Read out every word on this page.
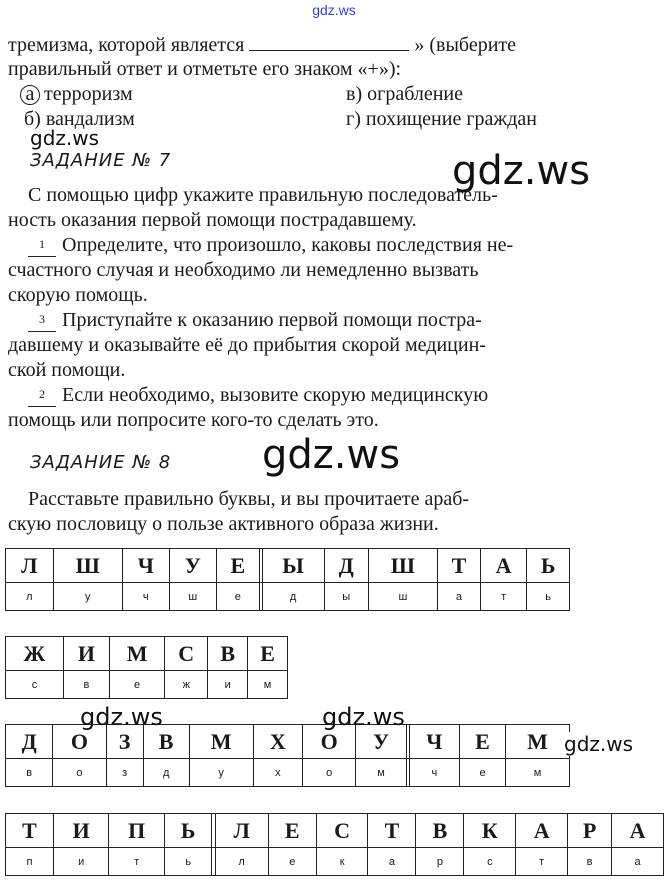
gdz.ws
тремизма, которой является	» (выберите
правильный ответ и отметьте его знаком «+»):
а терроризм
б) вандализм
в) ограбление
г) похищение граждан
gdz.ws
gdz.ws
ЗАДАНИЕ № 7
С помощью цифр укажите правильную последователь-
ность оказания первой помощи пострадавшему.
1 Определите, что произошло, каковы последствия не-
счастного случая и необходимо ли немедленно вызвать
скорую помощь.
3 Приступайте к оказанию первой помощи постра-
давшему и оказывайте её до прибытия скорой медицин-
ской помощи.
2 Если необходимо, вызовите скорую медицинскую
помощь или попросите кого-то сделать это.
ЗАДАНИЕ № 8 gdz.ws
Расставьте правильно буквы, и вы прочитаете араб-
скую пословицу о пользе активного образа жизни.
Л	Ш	Ч	У	Е		Ы	Д	Ш	Т	А	Ь
л	у	ч	ш	е		д	ы	ш	а	т	ь
Ж	И	М	С	В	Е
с	в	е	ж	и	м
Д	О	З	В	М	Х	О	У		Ч	Е	М
в	о	з	д	у	х	о	м		ч	е	м
Т	И	П	Ь		Л	Е	С	Т	В	К	А	Р	А
п	и	т	ь		л	е	к	а	р	с	т	в	а
gdz.ws	gdz.ws
gdz.ws
